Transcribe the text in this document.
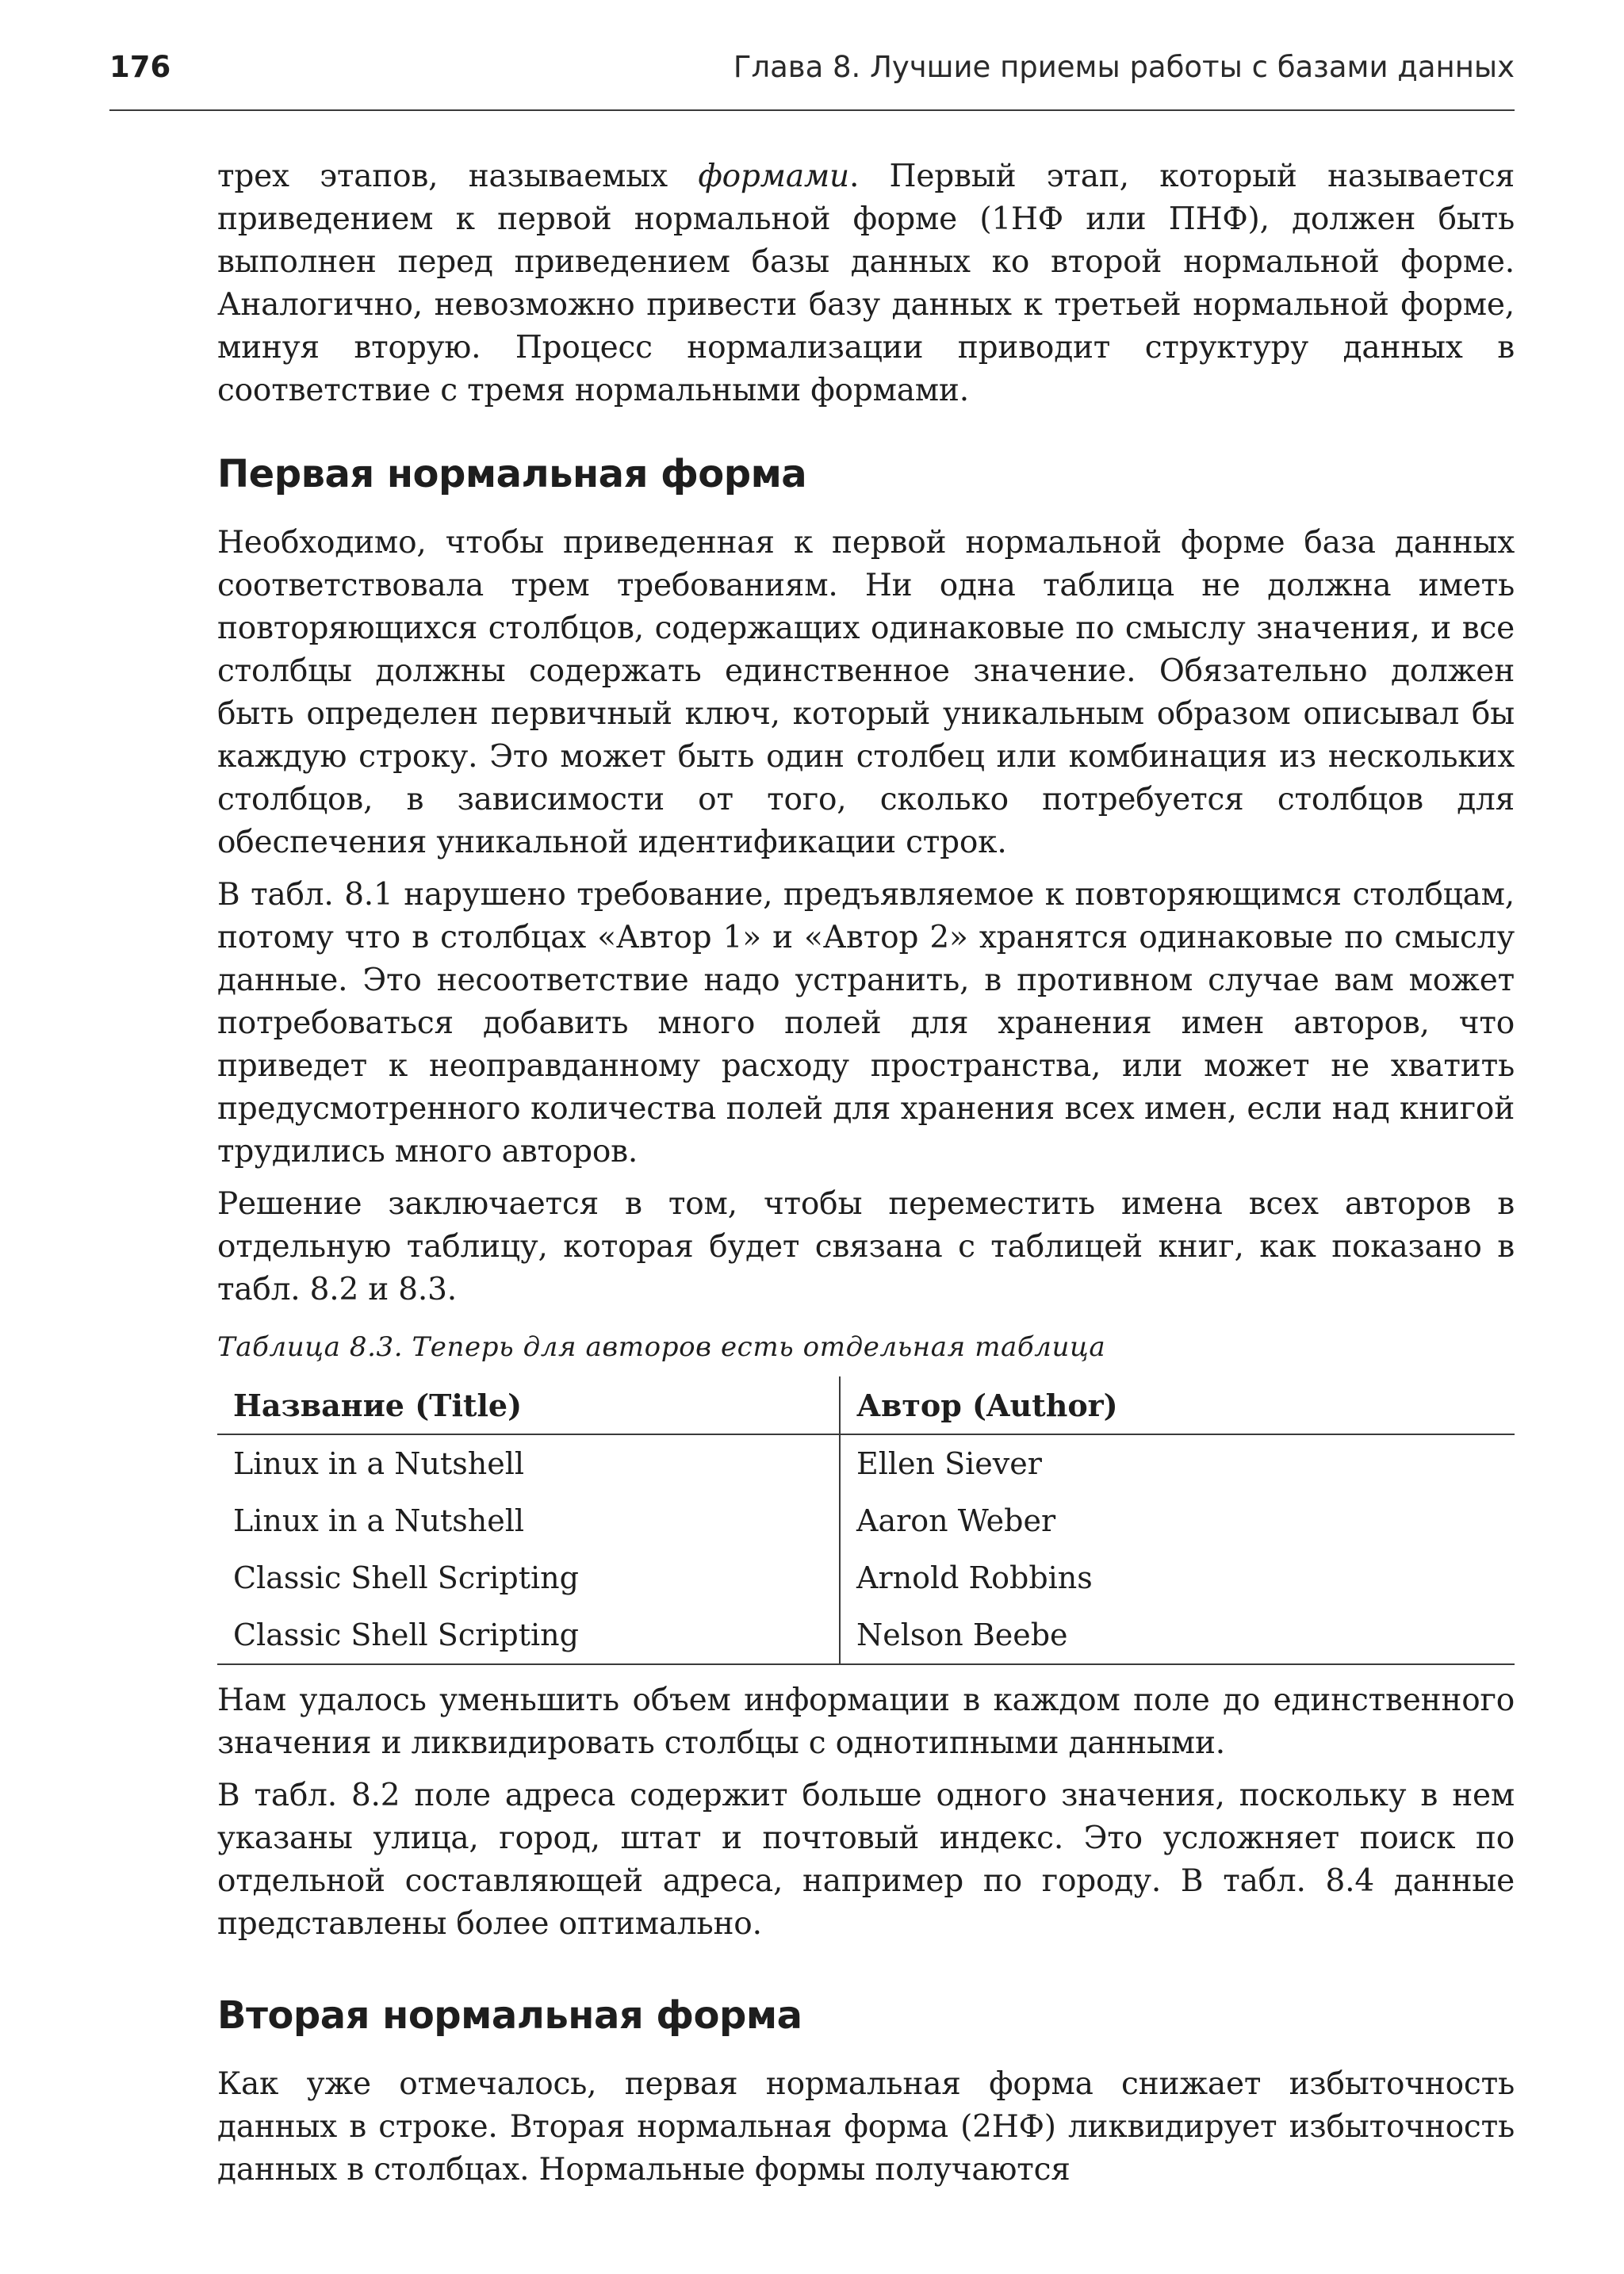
176	Глава 8. Лучшие приемы работы с базами данных

трех этапов, называемых формами. Первый этап, который называется приведением к первой нормальной форме (1НФ или ПНФ), должен быть выполнен перед приведением базы данных ко второй нормальной форме. Аналогично, невозможно привести базу данных к третьей нормальной форме, минуя вторую. Процесс нормализации приводит структуру данных в соответствие с тремя нормальными формами.

Первая нормальная форма

Необходимо, чтобы приведенная к первой нормальной форме база данных соответствовала трем требованиям. Ни одна таблица не должна иметь повторяющихся столбцов, содержащих одинаковые по смыслу значения, и все столбцы должны содержать единственное значение. Обязательно должен быть определен первичный ключ, который уникальным образом описывал бы каждую строку. Это может быть один столбец или комбинация из нескольких столбцов, в зависимости от того, сколько потребуется столбцов для обеспечения уникальной идентификации строк.

В табл. 8.1 нарушено требование, предъявляемое к повторяющимся столбцам, потому что в столбцах «Автор 1» и «Автор 2» хранятся одинаковые по смыслу данные. Это несоответствие надо устранить, в противном случае вам может потребоваться добавить много полей для хранения имен авторов, что приведет к неоправданному расходу пространства, или может не хватить предусмотренного количества полей для хранения всех имен, если над книгой трудились много авторов.

Решение заключается в том, чтобы переместить имена всех авторов в отдельную таблицу, которая будет связана с таблицей книг, как показано в табл. 8.2 и 8.3.

Таблица 8.3. Теперь для авторов есть отдельная таблица
Название (Title)	Автор (Author)
Linux in a Nutshell	Ellen Siever
Linux in a Nutshell	Aaron Weber
Classic Shell Scripting	Arnold Robbins
Classic Shell Scripting	Nelson Beebe

Нам удалось уменьшить объем информации в каждом поле до единственного значения и ликвидировать столбцы с однотипными данными.

В табл. 8.2 поле адреса содержит больше одного значения, поскольку в нем указаны улица, город, штат и почтовый индекс. Это усложняет поиск по отдельной составляющей адреса, например по городу. В табл. 8.4 данные представлены более оптимально.

Вторая нормальная форма

Как уже отмечалось, первая нормальная форма снижает избыточность данных в строке. Вторая нормальная форма (2НФ) ликвидирует избыточность данных в столбцах. Нормальные формы получаются
